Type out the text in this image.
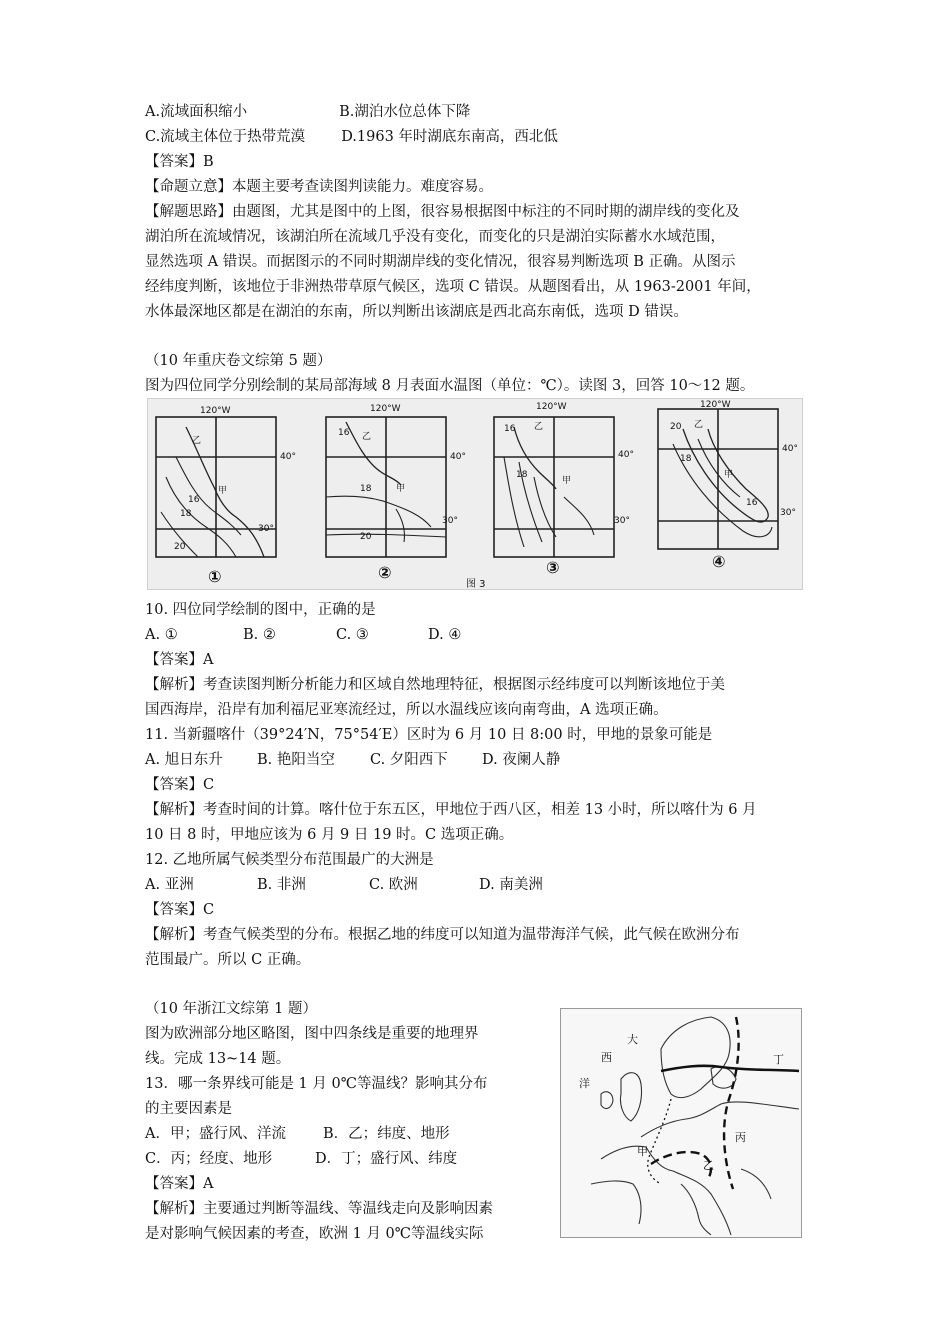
A.流域面积缩小	B.湖泊水位总体下降
C.流域主体位于热带荒漠 D.1963 年时湖底东南高，西北低
【答案】B
【命题立意】本题主要考查读图判读能力。难度容易。
【解题思路】由题图，尤其是图中的上图，很容易根据图中标注的不同时期的湖岸线的变化及
湖泊所在流域情况，该湖泊所在流域几乎没有变化，而变化的只是湖泊实际蓄水水域范围，
显然选项 A 错误。而据图示的不同时期湖岸线的变化情况，很容易判断选项 B 正确。从图示
经纬度判断，该地位于非洲热带草原气候区，选项 C 错误。从题图看出，从 1963-2001 年间，
水体最深地区都是在湖泊的东南，所以判断出该湖底是西北高东南低，选项 D 错误。
（10 年重庆卷文综第 5 题）
图为四位同学分别绘制的某局部海域 8 月表面水温图（单位：℃）。读图 3，回答 10～12 题。
120°W
40°
30°
甲
乙
16
18
20
120°W
40°
30°
甲
乙
16
18
20
120°W
40°
30°
甲
乙
16
18
120°W
40°
30°
甲
乙
20
18
16
①	②	③	④
图 3
10. 四位同学绘制的图中，正确的是
A. ①	B. ②	C. ③	D. ④
【答案】A
【解析】考查读图判断分析能力和区域自然地理特征，根据图示经纬度可以判断该地位于美
国西海岸，沿岸有加利福尼亚寒流经过，所以水温线应该向南弯曲，A 选项正确。
11. 当新疆喀什（39°24′N，75°54′E）区时为 6 月 10 日 8:00 时，甲地的景象可能是
A. 旭日东升 B. 艳阳当空 C. 夕阳西下 D. 夜阑人静
【答案】C
【解析】考查时间的计算。喀什位于东五区，甲地位于西八区，相差 13 小时，所以喀什为 6 月
10 日 8 时，甲地应该为 6 月 9 日 19 时。C 选项正确。
12. 乙地所属气候类型分布范围最广的大洲是
A. 亚洲	B. 非洲	C. 欧洲	D. 南美洲
【答案】C
【解析】考查气候类型的分布。根据乙地的纬度可以知道为温带海洋气候，此气候在欧洲分布
范围最广。所以 C 正确。
（10 年浙江文综第 1 题）
图为欧洲部分地区略图，图中四条线是重要的地理界
线。完成 13~14 题。
13．哪一条界线可能是 1 月 0℃等温线？影响其分布
的主要因素是
A．甲；盛行风、洋流	B．乙；纬度、地形
C．丙；经度、地形	D．丁；盛行风、纬度
【答案】A
【解析】主要通过判断等温线、等温线走向及影响因素
是对影响气候因素的考查，欧洲 1 月 0℃等温线实际
大
西
洋
甲
乙
丙
丁
